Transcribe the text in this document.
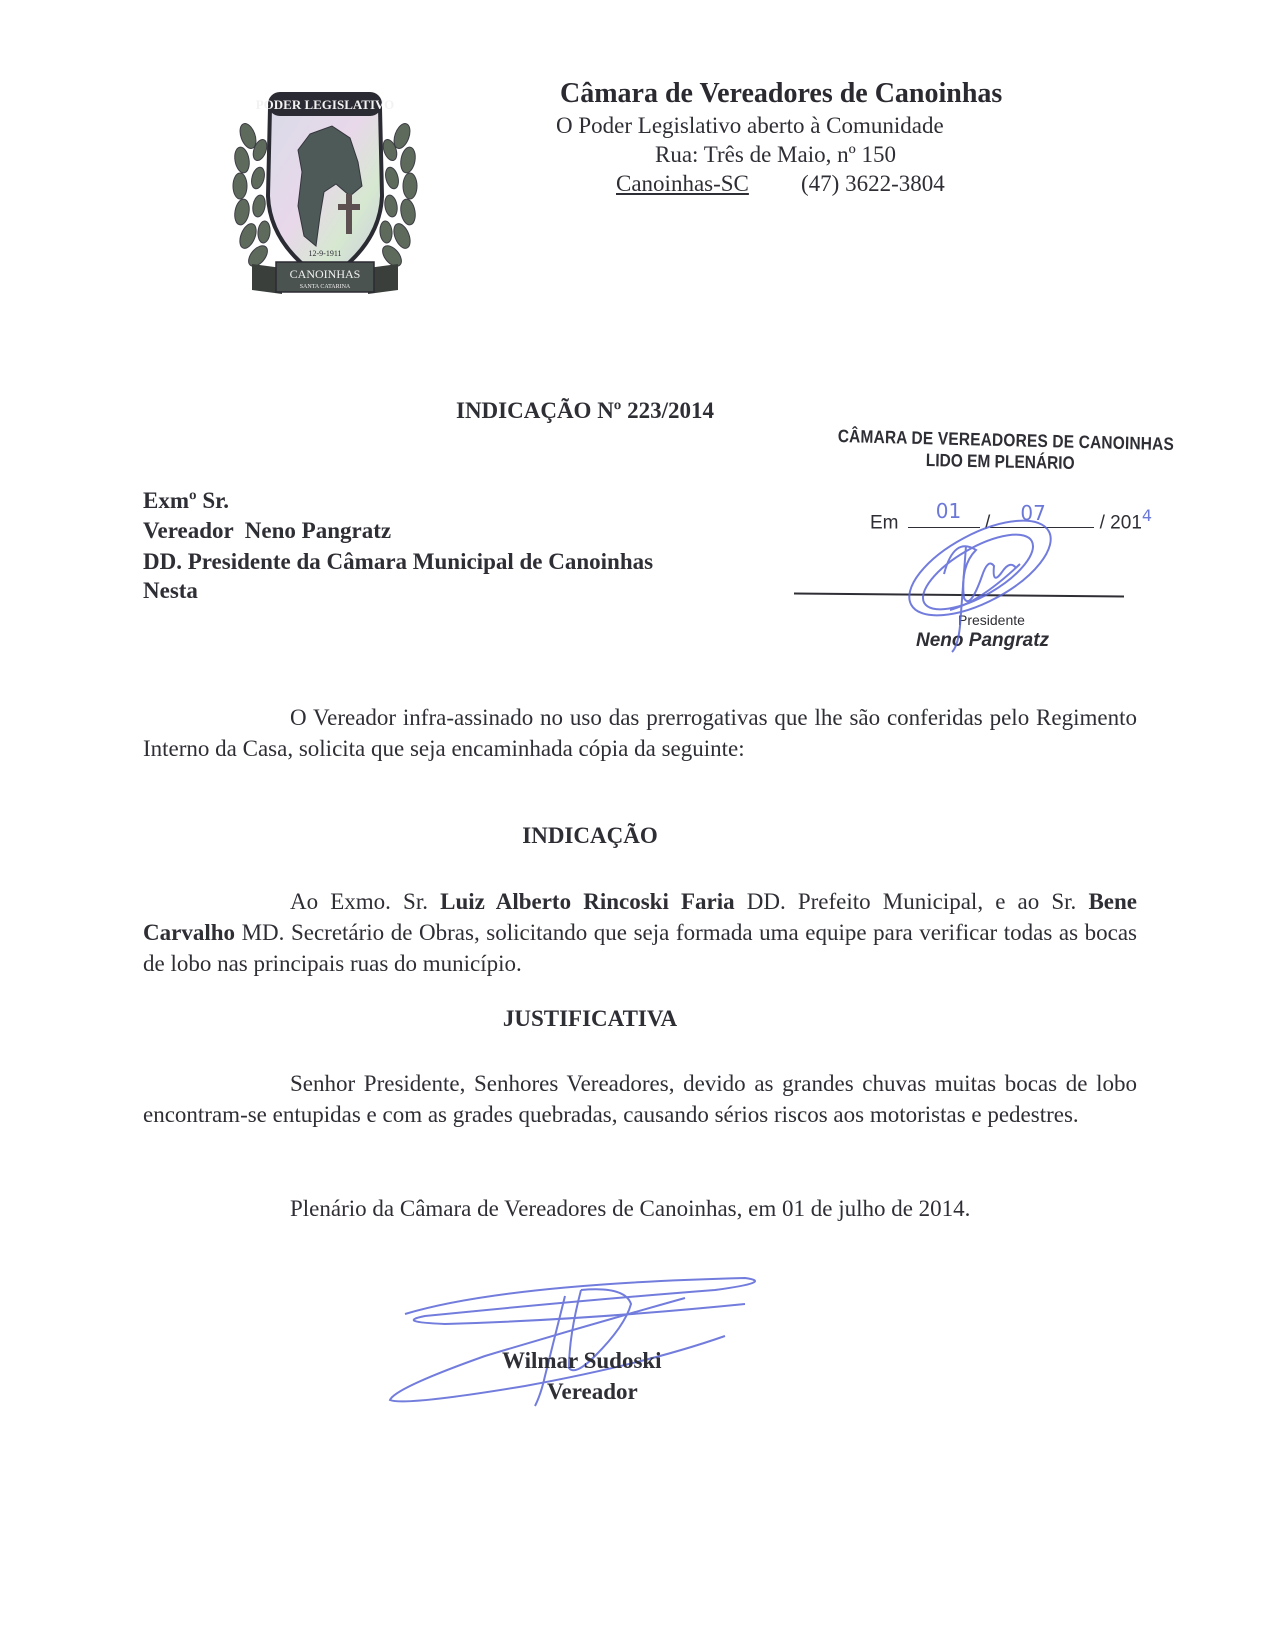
PODER LEGISLATIVO
12-9-1911
CANOINHAS
SANTA CATARINA
Câmara de Vereadores de Canoinhas
O Poder Legislativo aberto à Comunidade
Rua: Três de Maio, nº 150
Canoinhas-SC (47) 3622-3804
INDICAÇÃO Nº 223/2014
CÂMARA DE VEREADORES DE CANOINHAS
LIDO EM PLENÁRIO
Em 01 / 07	/ $201^4$
Presidente
Neno Pangratz
Exmº Sr.
Vereador  Neno Pangratz
DD. Presidente da Câmara Municipal de Canoinhas
Nesta
O Vereador infra-assinado no uso das prerrogativas que lhe são conferidas pelo Regimento Interno da Casa, solicita que seja encaminhada cópia da seguinte:
INDICAÇÃO
Ao Exmo. Sr. Luiz Alberto Rincoski Faria DD. Prefeito Municipal, e ao Sr. Bene Carvalho MD. Secretário de Obras, solicitando que seja formada uma equipe para verificar todas as bocas de lobo nas principais ruas do município.
JUSTIFICATIVA
Senhor Presidente, Senhores Vereadores, devido as grandes chuvas muitas bocas de lobo encontram-se entupidas e com as grades quebradas, causando sérios riscos aos motoristas e pedestres.
Plenário da Câmara de Vereadores de Canoinhas, em 01 de julho de 2014.
Wilmar Sudoski
Vereador
